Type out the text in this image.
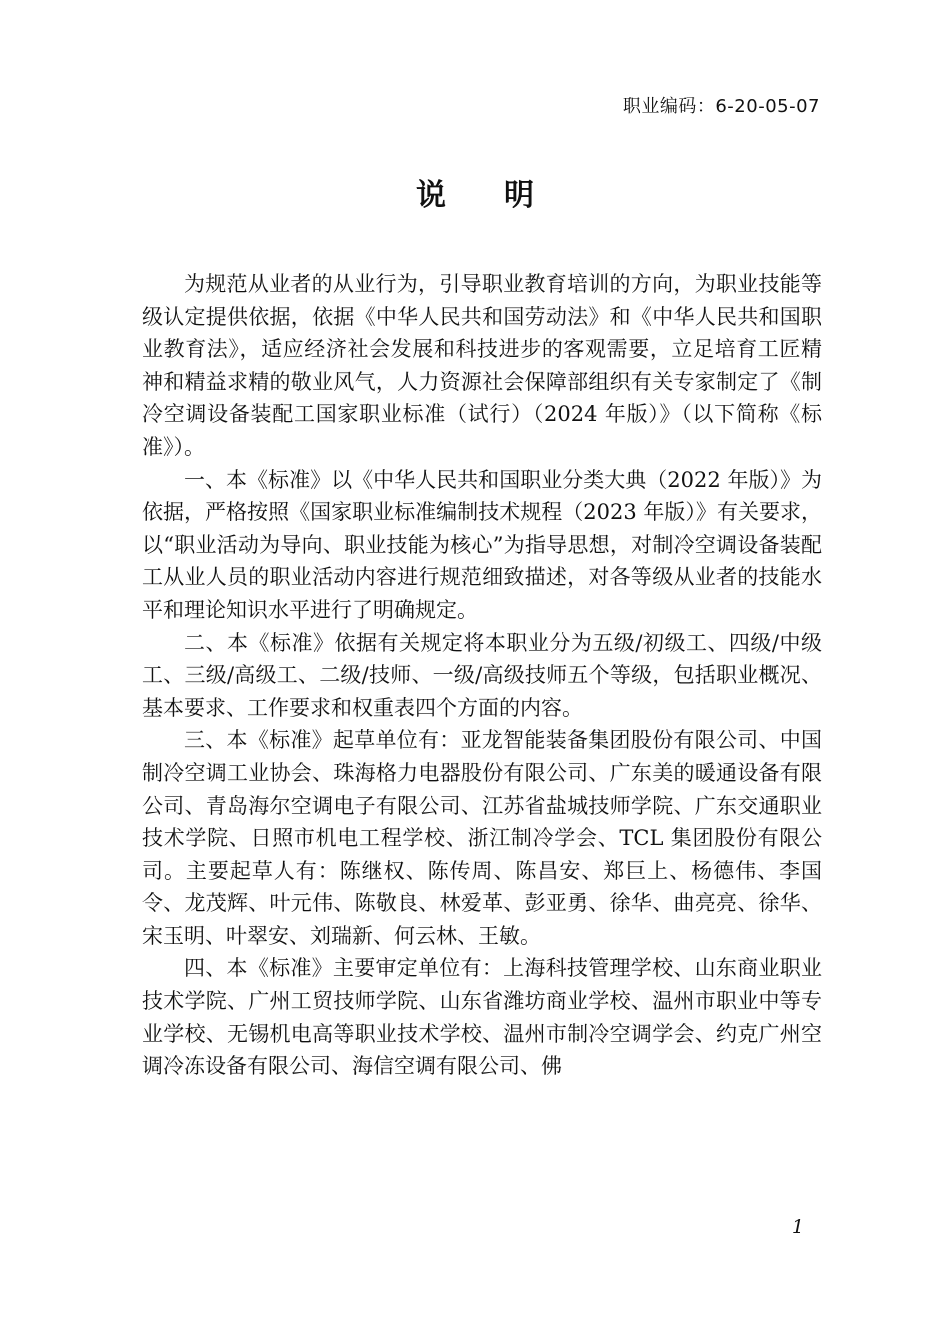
职业编码：6-20-05-07
说明

为规范从业者的从业行为，引导职业教育培训的方向，为职业技能等级认定提供依据，依据《中华人民共和国劳动法》和《中华人民共和国职业教育法》，适应经济社会发展和科技进步的客观需要，立足培育工匠精神和精益求精的敬业风气，人力资源社会保障部组织有关专家制定了《制冷空调设备装配工国家职业标准（试行）（2024 年版）》（以下简称《标准》）。

一、本《标准》以《中华人民共和国职业分类大典（2022 年版）》为依据，严格按照《国家职业标准编制技术规程（2023 年版）》有关要求，以“职业活动为导向、职业技能为核心”为指导思想，对制冷空调设备装配工从业人员的职业活动内容进行规范细致描述，对各等级从业者的技能水平和理论知识水平进行了明确规定。

二、本《标准》依据有关规定将本职业分为五级/初级工、四级/中级工、三级/高级工、二级/技师、一级/高级技师五个等级，包括职业概况、基本要求、工作要求和权重表四个方面的内容。

三、本《标准》起草单位有：亚龙智能装备集团股份有限公司、中国制冷空调工业协会、珠海格力电器股份有限公司、广东美的暖通设备有限公司、青岛海尔空调电子有限公司、江苏省盐城技师学院、广东交通职业技术学院、日照市机电工程学校、浙江制冷学会、TCL 集团股份有限公司。主要起草人有：陈继权、陈传周、陈昌安、郑巨上、杨德伟、李国令、龙茂辉、叶元伟、陈敬良、林爱革、彭亚勇、徐华、曲亮亮、徐华、宋玉明、叶翠安、刘瑞新、何云林、王敏。

四、本《标准》主要审定单位有：上海科技管理学校、山东商业职业技术学院、广州工贸技师学院、山东省潍坊商业学校、温州市职业中等专业学校、无锡机电高等职业技术学校、温州市制冷空调学会、约克广州空调冷冻设备有限公司、海信空调有限公司、佛

1
